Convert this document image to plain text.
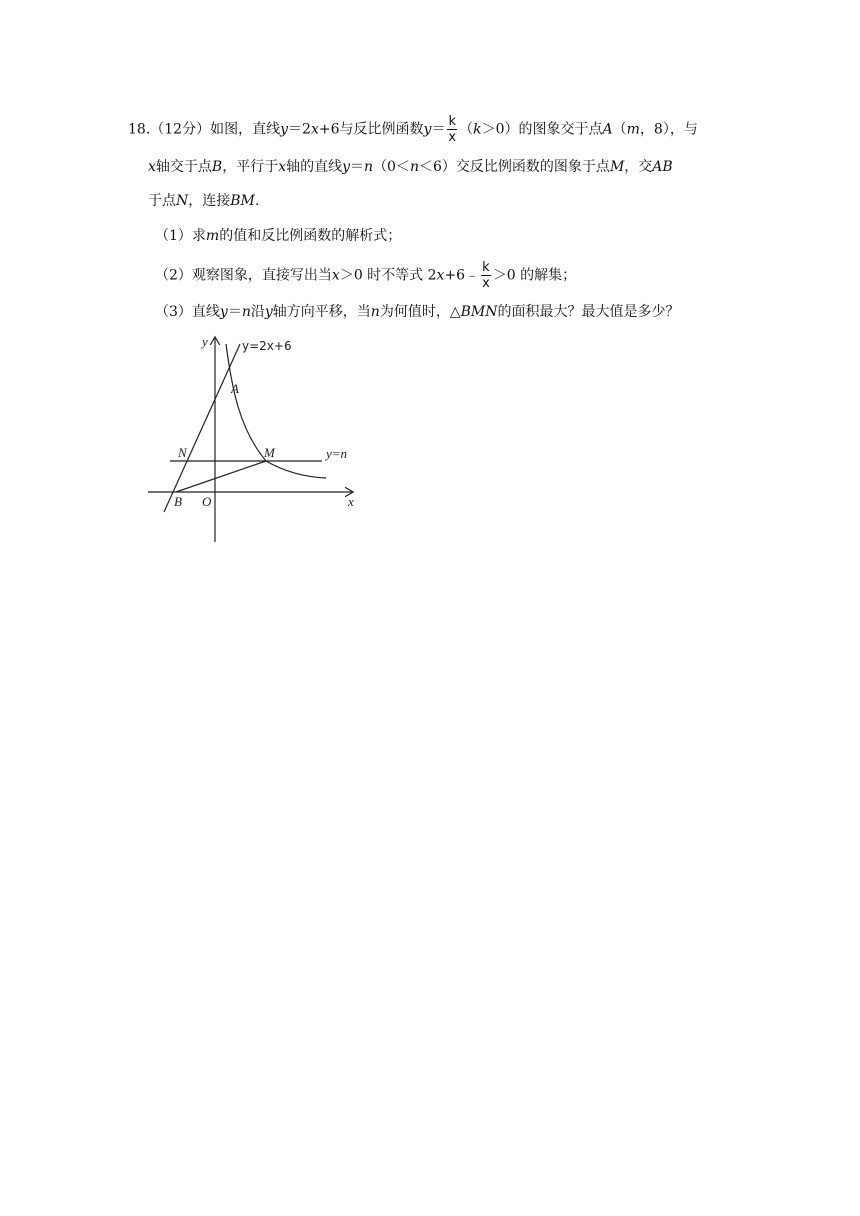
18.（12分）如图，直线y＝2x+6与反比例函数$y= \frac{k}{x} (k>0)$的图象交于点A（m，8），与
x轴交于点B，平行于x轴的直线y＝n（0＜n＜6）交反比例函数的图象于点M，交AB
于点N，连接BM.
（1）求m的值和反比例函数的解析式；
（2）观察图象，直接写出当x＞0 时不等式 2x+6﹣ $\frac{k}{x} >0$ 的解集；
（3）直线y＝n沿y轴方向平移，当n为何值时，△BMN的面积最大？最大值是多少？
y	y=2x+6
A
N	M	y=n
B O	x
